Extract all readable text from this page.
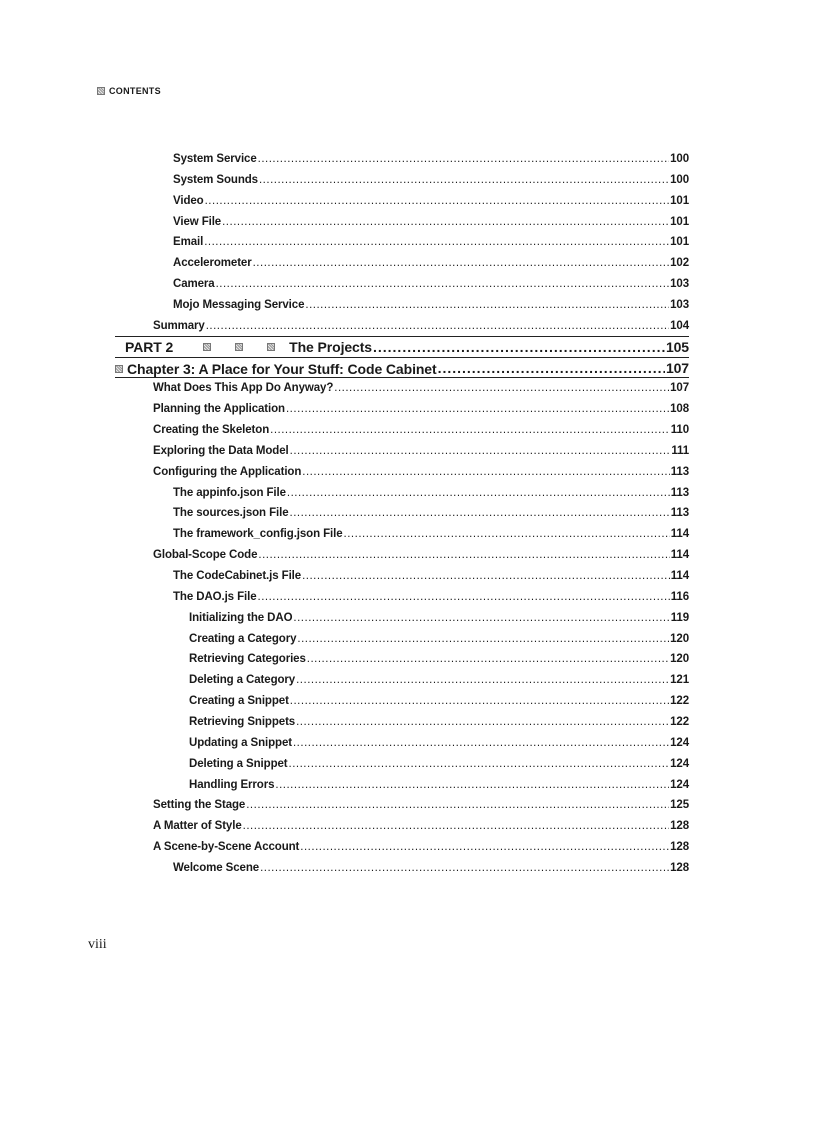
CONTENTS
System Service .....	100
System Sounds .....	100
Video .....	101
View File .....	101
Email .....	101
Accelerometer .....	102
Camera .....	103
Mojo Messaging Service .....	103
Summary .....	104
PART 2	The Projects .....	105
Chapter 3: A Place for Your Stuff: Code Cabinet .....	107
What Does This App Do Anyway? .....	107
Planning the Application .....	108
Creating the Skeleton .....	110
Exploring the Data Model .....	111
Configuring the Application .....	113
The appinfo.json File .....	113
The sources.json File .....	113
The framework_config.json File .....	114
Global-Scope Code .....	114
The CodeCabinet.js File .....	114
The DAO.js File .....	116
Initializing the DAO .....	119
Creating a Category .....	120
Retrieving Categories .....	120
Deleting a Category .....	121
Creating a Snippet .....	122
Retrieving Snippets .....	122
Updating a Snippet .....	124
Deleting a Snippet .....	124
Handling Errors .....	124
Setting the Stage .....	125
A Matter of Style .....	128
A Scene-by-Scene Account .....	128
Welcome Scene .....	128
viii
